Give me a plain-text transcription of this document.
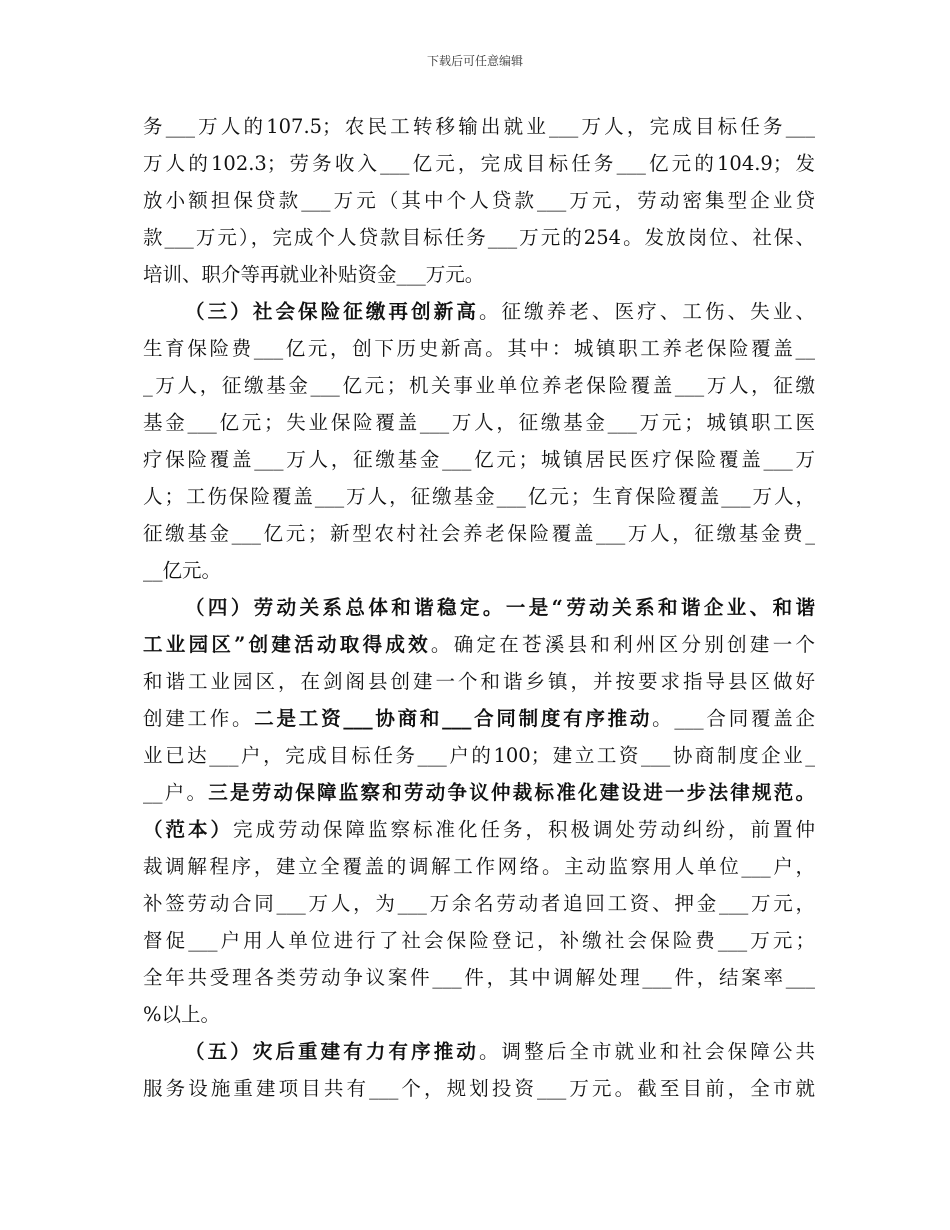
下载后可任意编辑
务___万人的107.5；农民工转移输出就业___万人，完成目标任务___
万人的102.3；劳务收入___亿元，完成目标任务___亿元的104.9；发
放小额担保贷款___万元（其中个人贷款___万元，劳动密集型企业贷
款___万元），完成个人贷款目标任务___万元的254。发放岗位、社保、
培训、职介等再就业补贴资金___万元。
（三）社会保险征缴再创新高。征缴养老、医疗、工伤、失业、
生育保险费___亿元，创下历史新高。其中：城镇职工养老保险覆盖__
_万人，征缴基金___亿元；机关事业单位养老保险覆盖___万人，征缴
基金___亿元；失业保险覆盖___万人，征缴基金___万元；城镇职工医
疗保险覆盖___万人，征缴基金___亿元；城镇居民医疗保险覆盖___万
人；工伤保险覆盖___万人，征缴基金___亿元；生育保险覆盖___万人，
征缴基金___亿元；新型农村社会养老保险覆盖___万人，征缴基金费_
__亿元。
（四）劳动关系总体和谐稳定。一是“劳动关系和谐企业、和谐
工业园区”创建活动取得成效。确定在苍溪县和利州区分别创建一个
和谐工业园区，在剑阁县创建一个和谐乡镇，并按要求指导县区做好
创建工作。二是工资___协商和___合同制度有序推动。___合同覆盖企
业已达___户，完成目标任务___户的100；建立工资___协商制度企业_
__户。三是劳动保障监察和劳动争议仲裁标准化建设进一步法律规范。
（范本）完成劳动保障监察标准化任务，积极调处劳动纠纷，前置仲
裁调解程序，建立全覆盖的调解工作网络。主动监察用人单位___户，
补签劳动合同___万人，为___万余名劳动者追回工资、押金___万元，
督促___户用人单位进行了社会保险登记，补缴社会保险费___万元；
全年共受理各类劳动争议案件___件，其中调解处理___件，结案率___
%以上。
（五）灾后重建有力有序推动。调整后全市就业和社会保障公共
服务设施重建项目共有___个，规划投资___万元。截至目前，全市就
